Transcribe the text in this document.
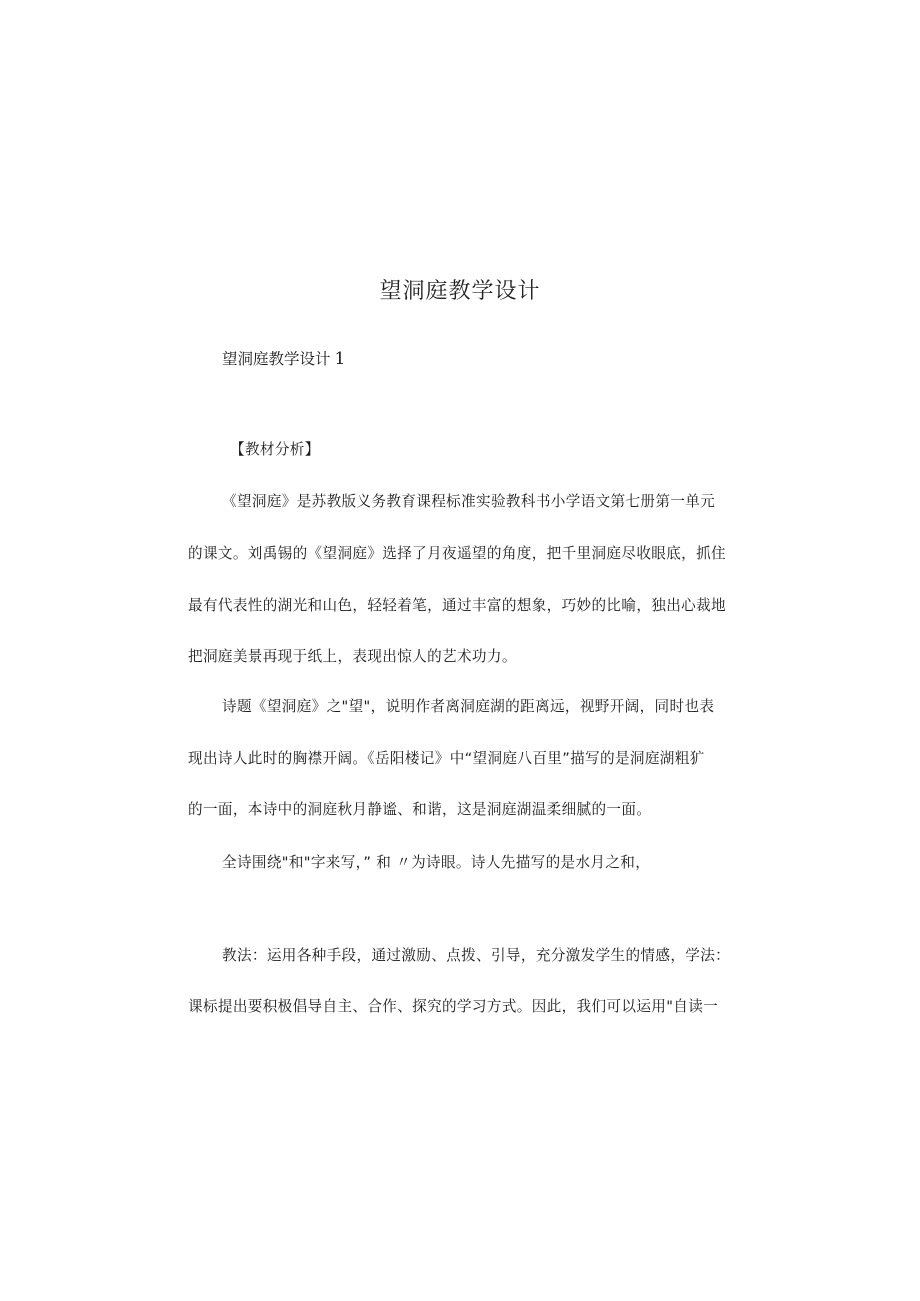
望洞庭教学设计
望洞庭教学设计 1
【教材分析】
《望洞庭》是苏教版义务教育课程标准实验教科书小学语文第七册第一单元
的课文。刘禹锡的《望洞庭》选择了月夜遥望的角度，把千里洞庭尽收眼底，抓住
最有代表性的湖光和山色，轻轻着笔，通过丰富的想象，巧妙的比喻，独出心裁地
把洞庭美景再现于纸上，表现出惊人的艺术功力。
诗题《望洞庭》之"望"，说明作者离洞庭湖的距离远，视野开阔，同时也表
现出诗人此时的胸襟开阔。《岳阳楼记》中“望洞庭八百里”描写的是洞庭湖粗犷
的一面，本诗中的洞庭秋月静谧、和谐，这是洞庭湖温柔细腻的一面。
全诗围绕"和"字来写，” 和 〃为诗眼。诗人先描写的是水月之和，
教法：运用各种手段，通过激励、点拨、引导，充分激发学生的情感，学法：
课标提出要积极倡导自主、合作、探究的学习方式。因此，我们可以运用"自读一
